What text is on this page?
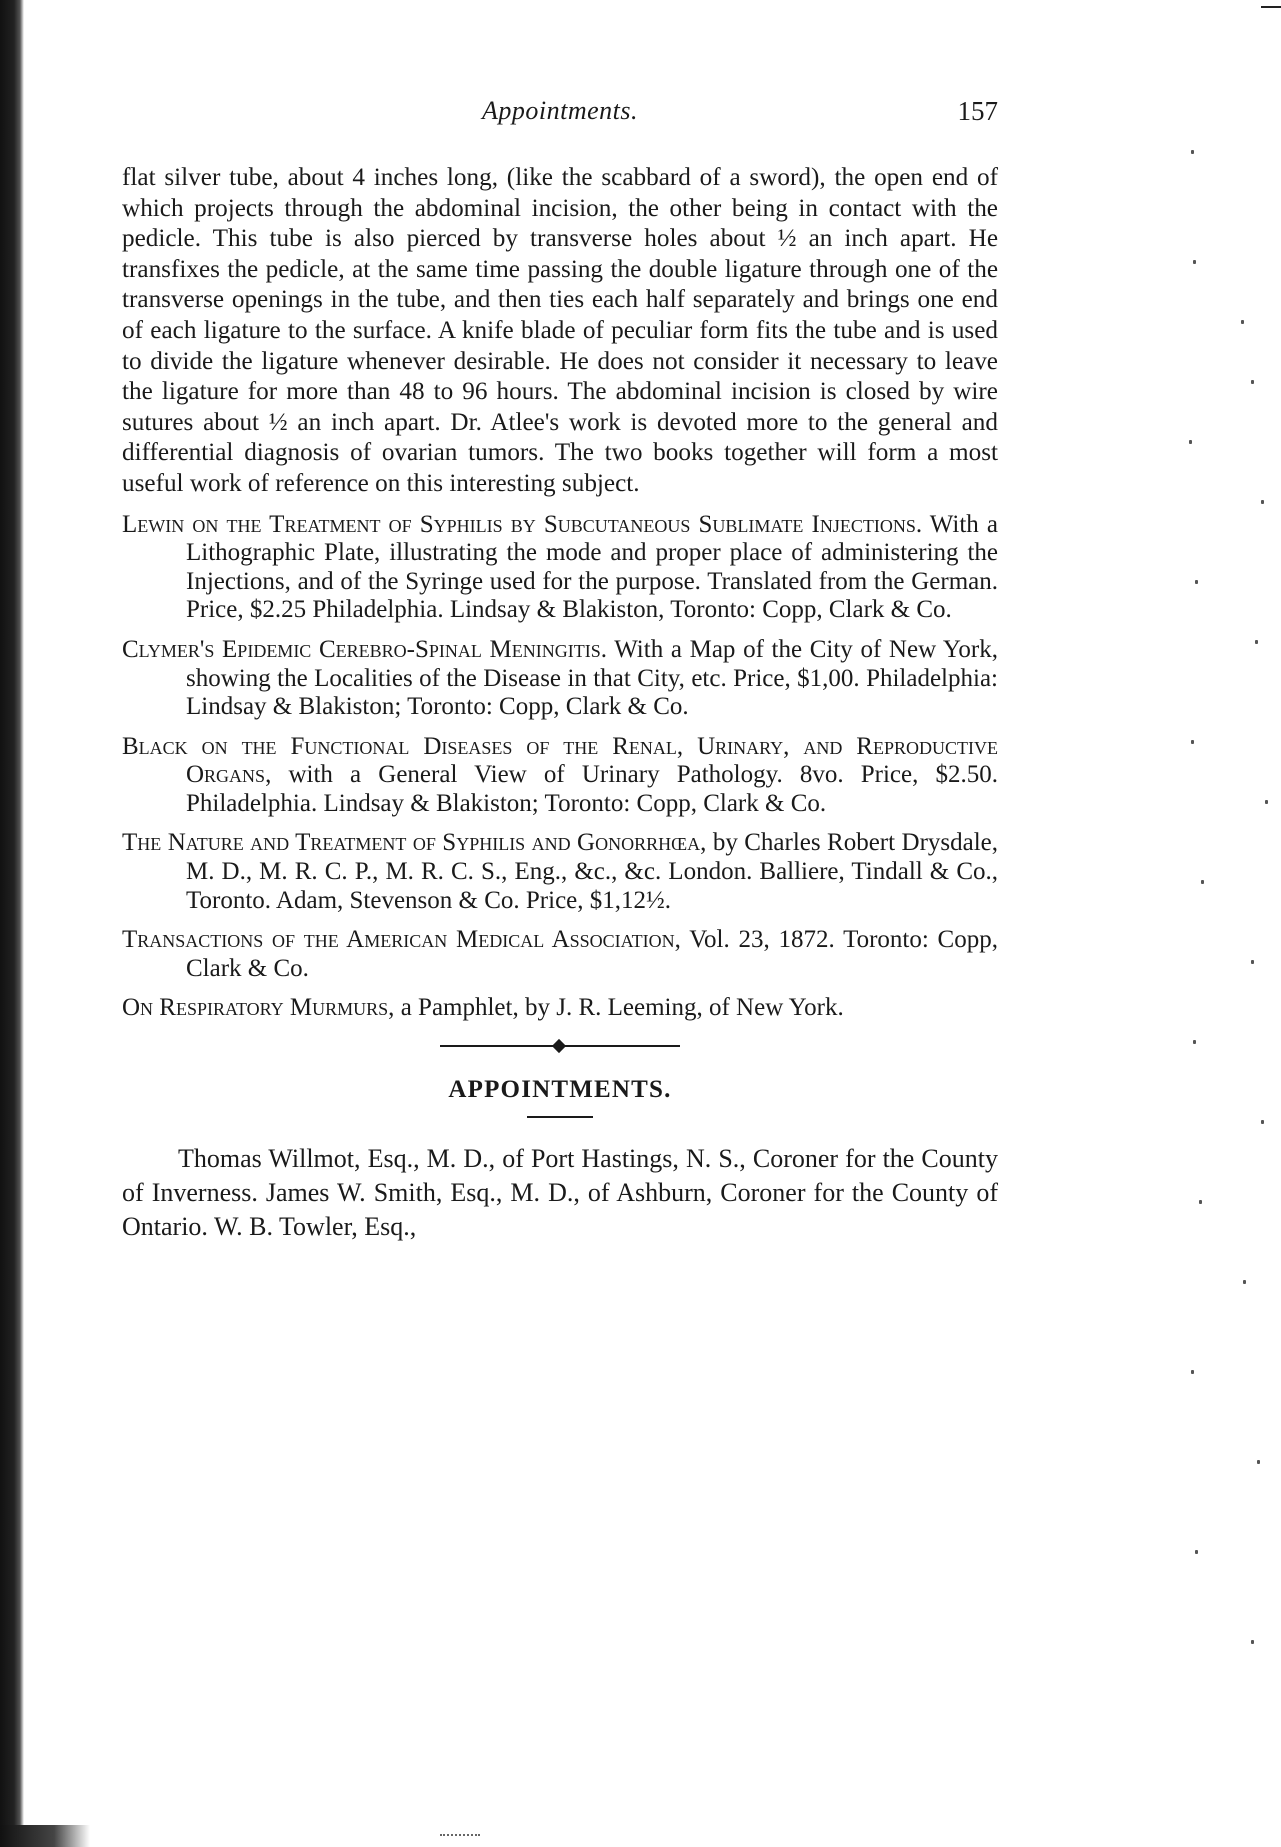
Appointments.	157

flat silver tube, about 4 inches long, (like the scabbard of a sword), the open end of which projects through the abdominal incision, the other being in contact with the pedicle. This tube is also pierced by transverse holes about ½ an inch apart. He transfixes the pedicle, at the same time passing the double ligature through one of the transverse openings in the tube, and then ties each half separately and brings one end of each ligature to the surface. A knife blade of peculiar form fits the tube and is used to divide the ligature whenever desirable. He does not consider it necessary to leave the ligature for more than 48 to 96 hours. The abdominal incision is closed by wire sutures about ½ an inch apart. Dr. Atlee's work is devoted more to the general and differential diagnosis of ovarian tumors. The two books together will form a most useful work of reference on this interesting subject.

Lewin on the Treatment of Syphilis by Subcutaneous Sublimate Injections. With a Lithographic Plate, illustrating the mode and proper place of administering the Injections, and of the Syringe used for the purpose. Translated from the German. Price, $2.25 Philadelphia. Lindsay & Blakiston, Toronto: Copp, Clark & Co.

Clymer's Epidemic Cerebro-Spinal Meningitis. With a Map of the City of New York, showing the Localities of the Disease in that City, etc. Price, $1,00. Philadelphia: Lindsay & Blakiston; Toronto: Copp, Clark & Co.

Black on the Functional Diseases of the Renal, Urinary, and Reproductive Organs, with a General View of Urinary Pathology. 8vo. Price, $2.50. Philadelphia. Lindsay & Blakiston; Toronto: Copp, Clark & Co.

The Nature and Treatment of Syphilis and Gonorrhœa, by Charles Robert Drysdale, M. D., M. R. C. P., M. R. C. S., Eng., &c., &c. London. Balliere, Tindall & Co., Toronto. Adam, Stevenson & Co. Price, $1,12½.

Transactions of the American Medical Association, Vol. 23, 1872. Toronto: Copp, Clark & Co.

On Respiratory Murmurs, a Pamphlet, by J. R. Leeming, of New York.

APPOINTMENTS.

Thomas Willmot, Esq., M. D., of Port Hastings, N. S., Coroner for the County of Inverness. James W. Smith, Esq., M. D., of Ashburn, Coroner for the County of Ontario. W. B. Towler, Esq.,
